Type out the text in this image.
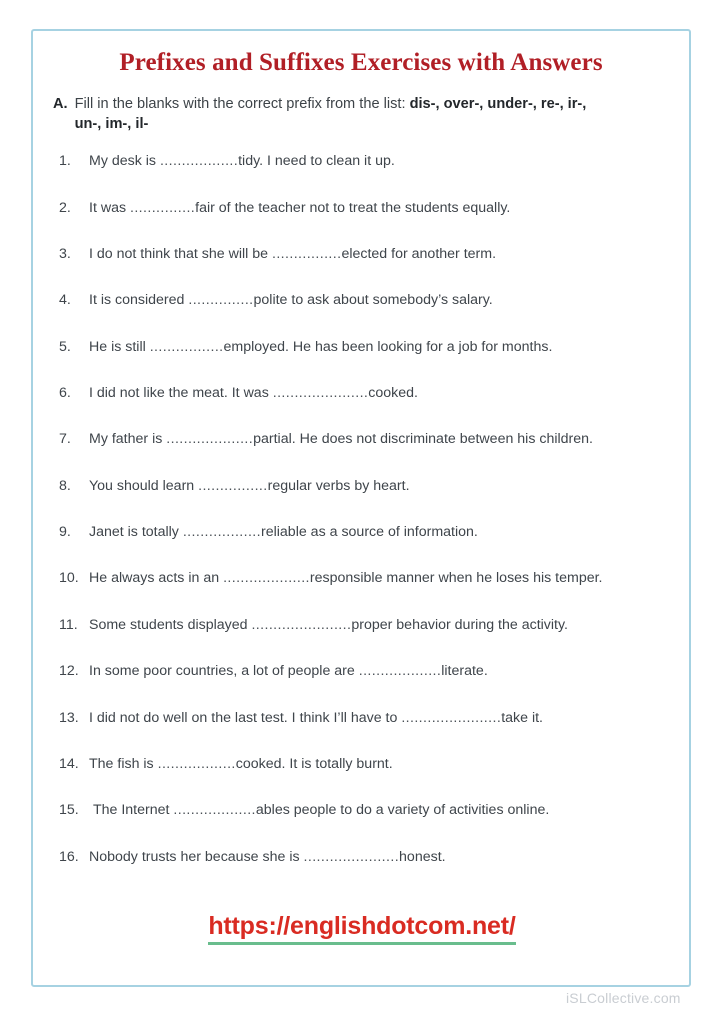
Prefixes and Suffixes Exercises with Answers
A. Fill in the blanks with the correct prefix from the list: dis-, over-, under-, re-, ir-,
un-, im-, il-
1.	My desk is ..................tidy. I need to clean it up.
2.	It was ...............fair of the teacher not to treat the students equally.
3.	I do not think that she will be ................elected for another term.
4.	It is considered ...............polite to ask about somebody’s salary.
5.	He is still .................employed. He has been looking for a job for months.
6.	I did not like the meat. It was ......................cooked.
7.	My father is ....................partial. He does not discriminate between his children.
8.	You should learn ................regular verbs by heart.
9.	Janet is totally ..................reliable as a source of information.
10. He always acts in an ....................responsible manner when he loses his temper.
11. Some students displayed .......................proper behavior during the activity.
12. In some poor countries, a lot of people are ...................literate.
13. I did not do well on the last test. I think I’ll have to .......................take it.
14. The fish is ..................cooked. It is totally burnt.
15. The Internet ...................ables people to do a variety of activities online.
16. Nobody trusts her because she is ......................honest.
https://englishdotcom.net/
iSLCollective.com
